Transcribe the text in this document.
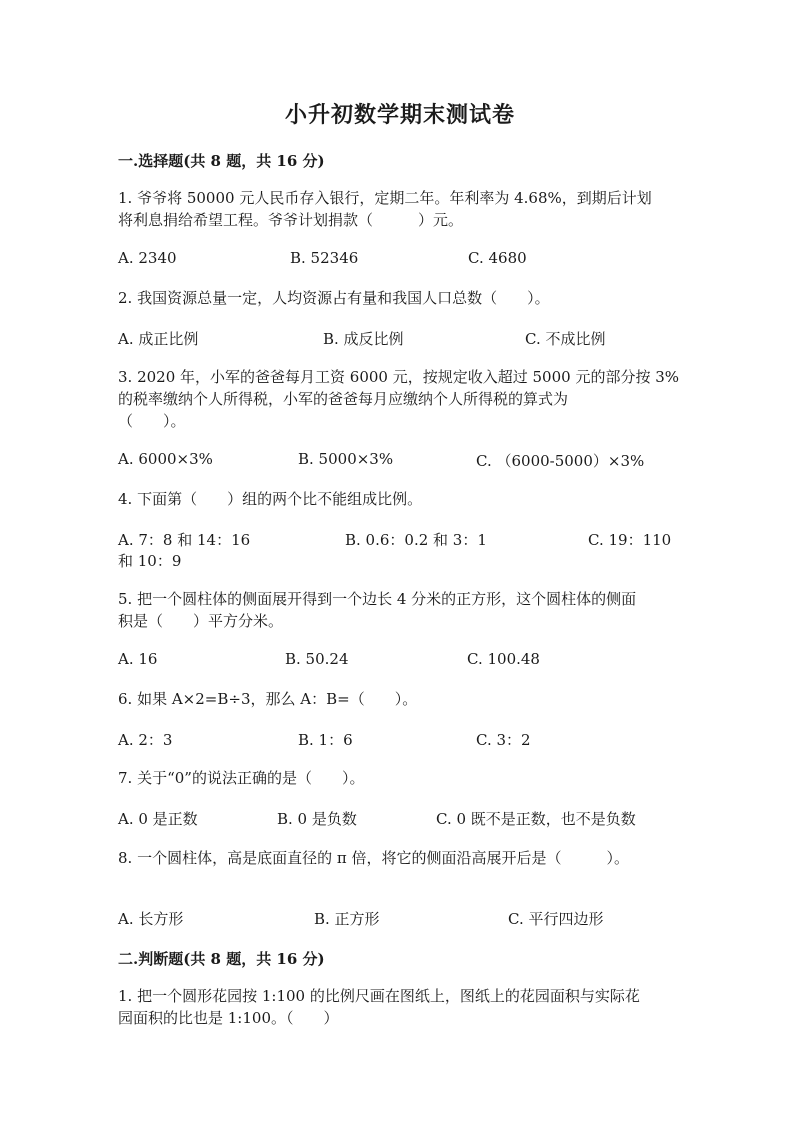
小升初数学期末测试卷
一.选择题(共 8 题，共 16 分)
1. 爷爷将 50000 元人民币存入银行，定期二年。年利率为 4.68%，到期后计划
将利息捐给希望工程。爷爷计划捐款（　　　）元。
A. 2340	B. 52346	C. 4680
2. 我国资源总量一定，人均资源占有量和我国人口总数（　　）。
A. 成正比例	B. 成反比例	C. 不成比例
3. 2020 年，小军的爸爸每月工资 6000 元，按规定收入超过 5000 元的部分按 3%
的税率缴纳个人所得税，小军的爸爸每月应缴纳个人所得税的算式为
（　　）。
A. 6000×3%	B. 5000×3%	C. （6000-5000）×3%
4. 下面第（　　）组的两个比不能组成比例。
A. 7：8 和 14：16	B. 0.6：0.2 和 3：1	C. 19：110
和 10：9
5. 把一个圆柱体的侧面展开得到一个边长 4 分米的正方形，这个圆柱体的侧面
积是（　　）平方分米。
A. 16	B. 50.24	C. 100.48
6. 如果 A×2=B÷3，那么 A：B=（　　）。
A. 2：3	B. 1：6	C. 3：2
7. 关于“0”的说法正确的是（　　）。
A. 0 是正数	B. 0 是负数	C. 0 既不是正数，也不是负数
8. 一个圆柱体，高是底面直径的 π 倍，将它的侧面沿高展开后是（　　　）。
A. 长方形	B. 正方形	C. 平行四边形
二.判断题(共 8 题，共 16 分)
1. 把一个圆形花园按 1:100 的比例尺画在图纸上，图纸上的花园面积与实际花
园面积的比也是 1:100。（　　）
